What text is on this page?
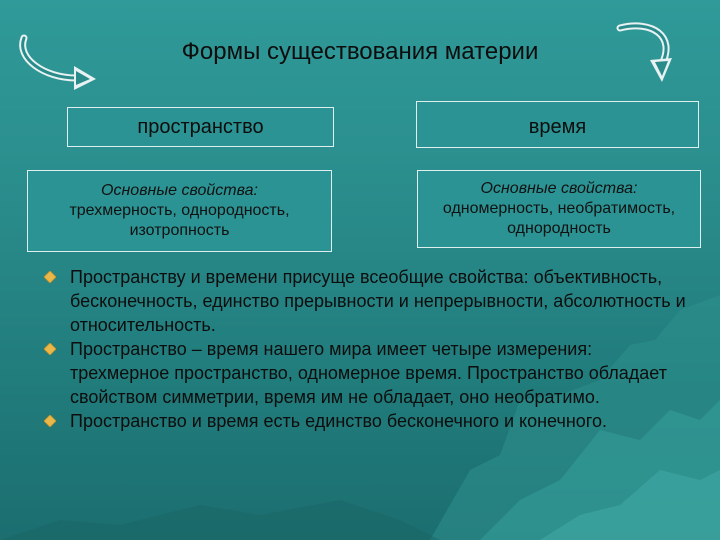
Формы существования материи
пространство	время
Основные свойства:
трехмерность, однородность,
изотропность
Основные свойства:
одномерность, необратимость,
однородность
Пространству и времени присуще всеобщие свойства: объективность, бесконечность, единство прерывности и непрерывности, абсолютность и относительность.
Пространство – время нашего мира имеет четыре измерения: трехмерное пространство, одномерное время. Пространство обладает свойством симметрии, время им не обладает, оно необратимо.
Пространство и время есть единство бесконечного и конечного.
